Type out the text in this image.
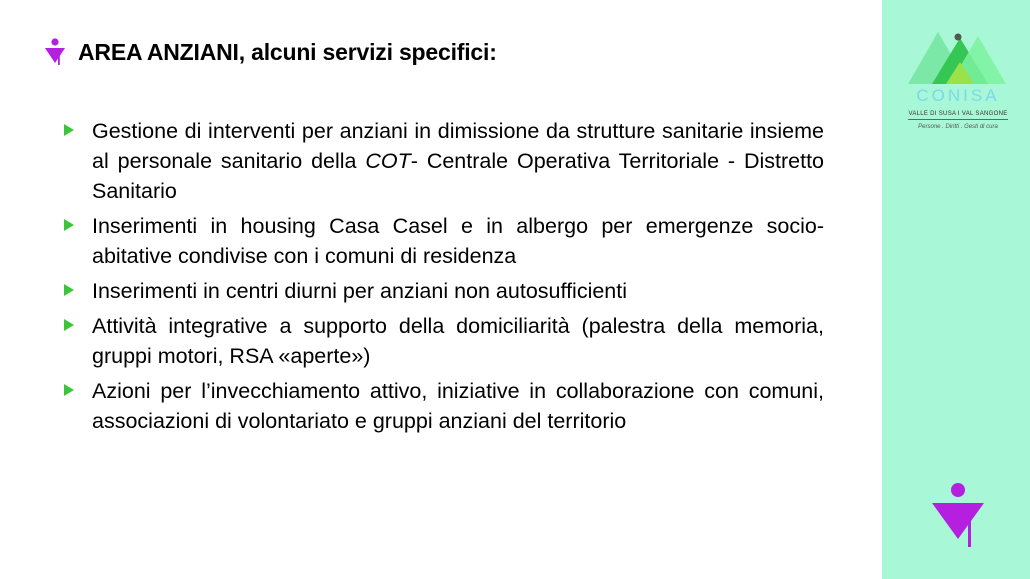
AREA ANZIANI, alcuni servizi specifici:
Gestione di interventi per anziani in dimissione da strutture sanitarie insieme al personale sanitario della COT- Centrale Operativa Territoriale - Distretto Sanitario
Inserimenti in housing Casa Casel e in albergo per emergenze socio-abitative condivise con i comuni di residenza
Inserimenti in centri diurni per anziani non autosufficienti
Attività integrative a supporto della domiciliarità (palestra della memoria, gruppi motori, RSA «aperte»)
Azioni per l’invecchiamento attivo, iniziative in collaborazione con comuni, associazioni di volontariato e gruppi anziani del territorio
CONISA
VALLE DI SUSA I VAL SANGONE
Persone . Diritti . Gesti di cura
